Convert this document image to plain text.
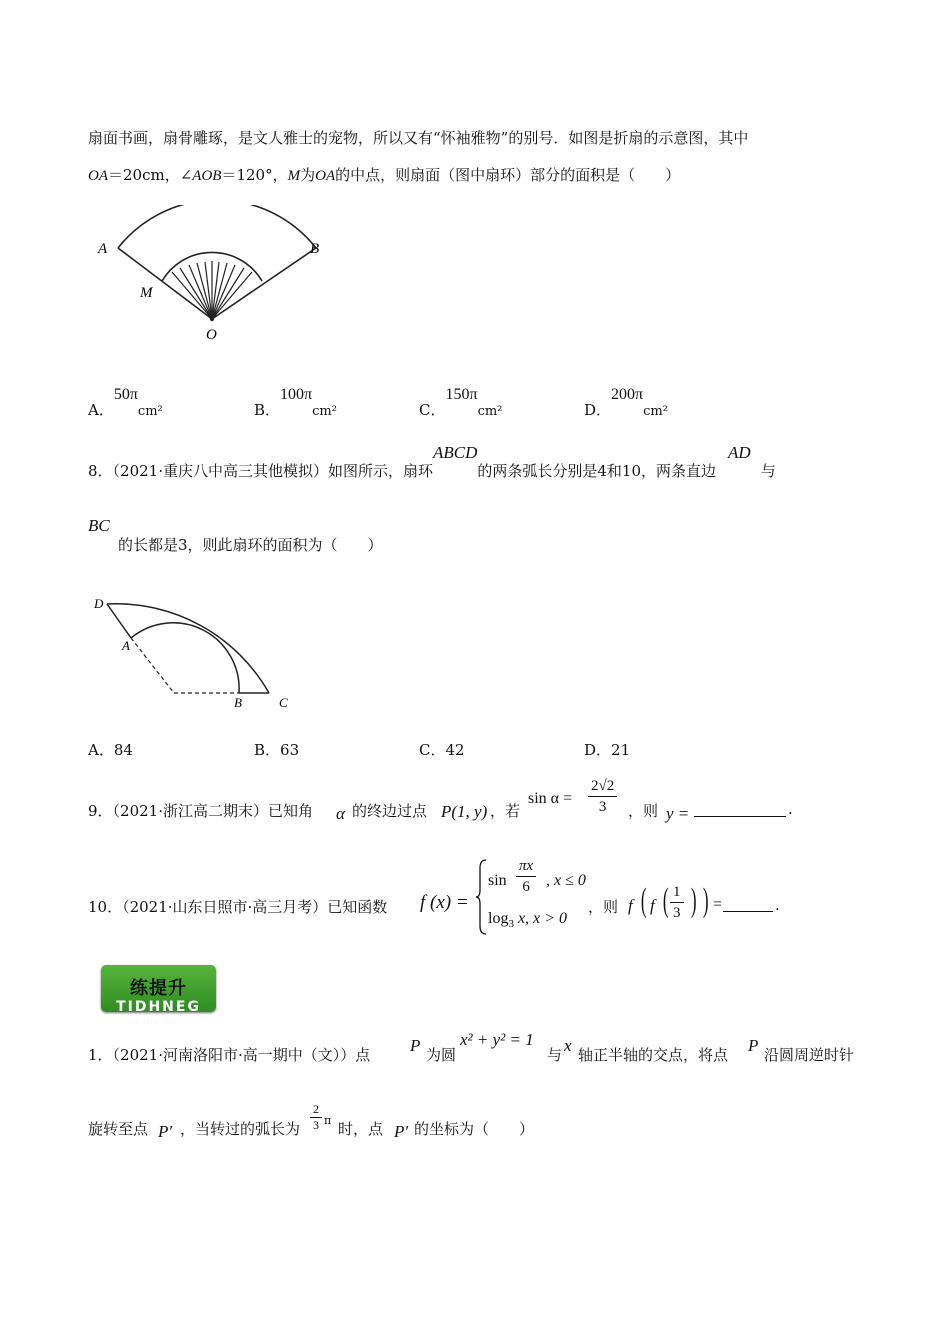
扇面书画，扇骨雕琢，是文人雅士的宠物，所以又有“怀袖雅物”的别号．如图是折扇的示意图，其中
OA＝20cm，∠AOB＝120°，M为OA的中点，则扇面（图中扇环）部分的面积是（　　）
A	B
M
O
A．50πcm²	B．100πcm²	C．150πcm²	D．200πcm²
8．（2021·重庆八中高三其他模拟）如图所示，扇环ABCD的两条弧长分别是4和10，两条直边AD与
BC
的长都是3，则此扇环的面积为（　　）
D
A
B	C
A．84	B．63	C．42	D．21
9．（2021·浙江高二期末）已知角 α 的终边过点 P(1, y) ，若
$\sin \alpha = \frac{2√2}{3}$ ，则 y =	.
10．（2021·山东日照市·高三月考）已知函数 f (x) =
$\sin \frac{\pi x}{6}$ , x ≤ 0
$\log_3 x$, x > 0
，则 f ( f ( $\frac{1}{3}$ ) ) =	.
练提升
TIDHNEG
1．（2021·河南洛阳市·高一期中（文））点 P 为圆
x² + y² = 1
与 x 轴正半轴的交点，将点 P 沿圆周逆时针
旋转至点 P′ ，当转过的弧长为 $\frac{2}{3}$ π 时，点 P′ 的坐标为（　　）
